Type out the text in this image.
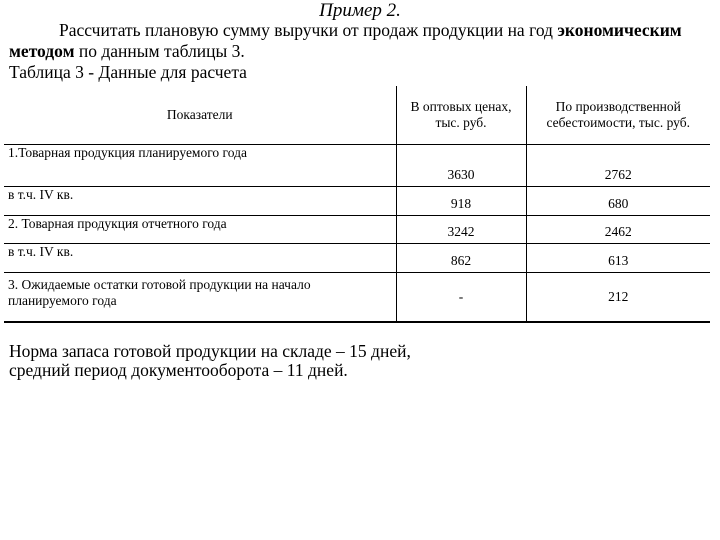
Пример 2.
Рассчитать плановую сумму выручки от продаж продукции на год экономическим
методом по данным таблицы 3.
Таблица 3 - Данные для расчета
Показатели	В оптовых ценах, тыс. руб.	По производственной себестоимости, тыс. руб.
1.Товарная продукция планируемого года	3630	2762
в т.ч. IV кв.	918	680
2. Товарная продукция отчетного года	3242	2462
в т.ч. IV кв.	862	613
3. Ожидаемые остатки готовой продукции на начало планируемого года	-	212
Норма запаса готовой продукции на складе – 15 дней,
средний период документооборота – 11 дней.
